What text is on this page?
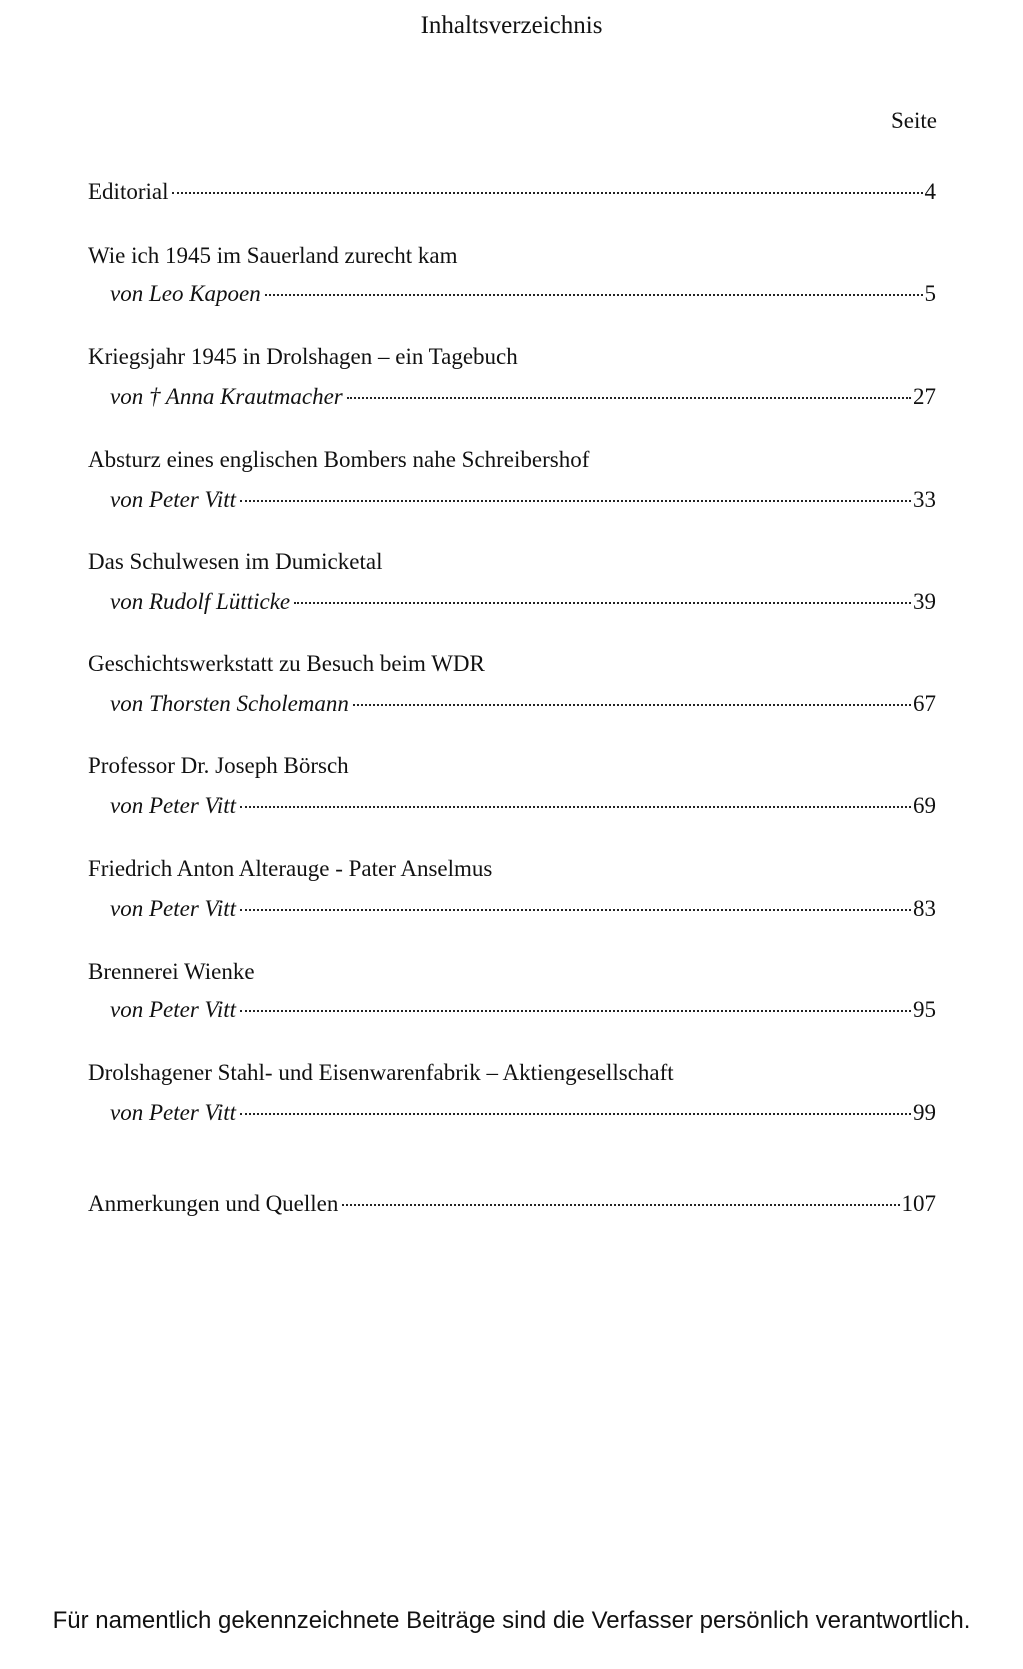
Inhaltsverzeichnis
Seite
Editorial	4
Wie ich 1945 im Sauerland zurecht kam
von Leo Kapoen	5
Kriegsjahr 1945 in Drolshagen – ein Tagebuch
von † Anna Krautmacher	27
Absturz eines englischen Bombers nahe Schreibershof
von Peter Vitt	33
Das Schulwesen im Dumicketal
von Rudolf Lütticke	39
Geschichtswerkstatt zu Besuch beim WDR
von Thorsten Scholemann	67
Professor Dr. Joseph Börsch
von Peter Vitt	69
Friedrich Anton Alterauge - Pater Anselmus
von Peter Vitt	83
Brennerei Wienke
von Peter Vitt	95
Drolshagener Stahl- und Eisenwarenfabrik – Aktiengesellschaft
von Peter Vitt	99
Anmerkungen und Quellen	107
Für namentlich gekennzeichnete Beiträge sind die Verfasser persönlich verantwortlich.
